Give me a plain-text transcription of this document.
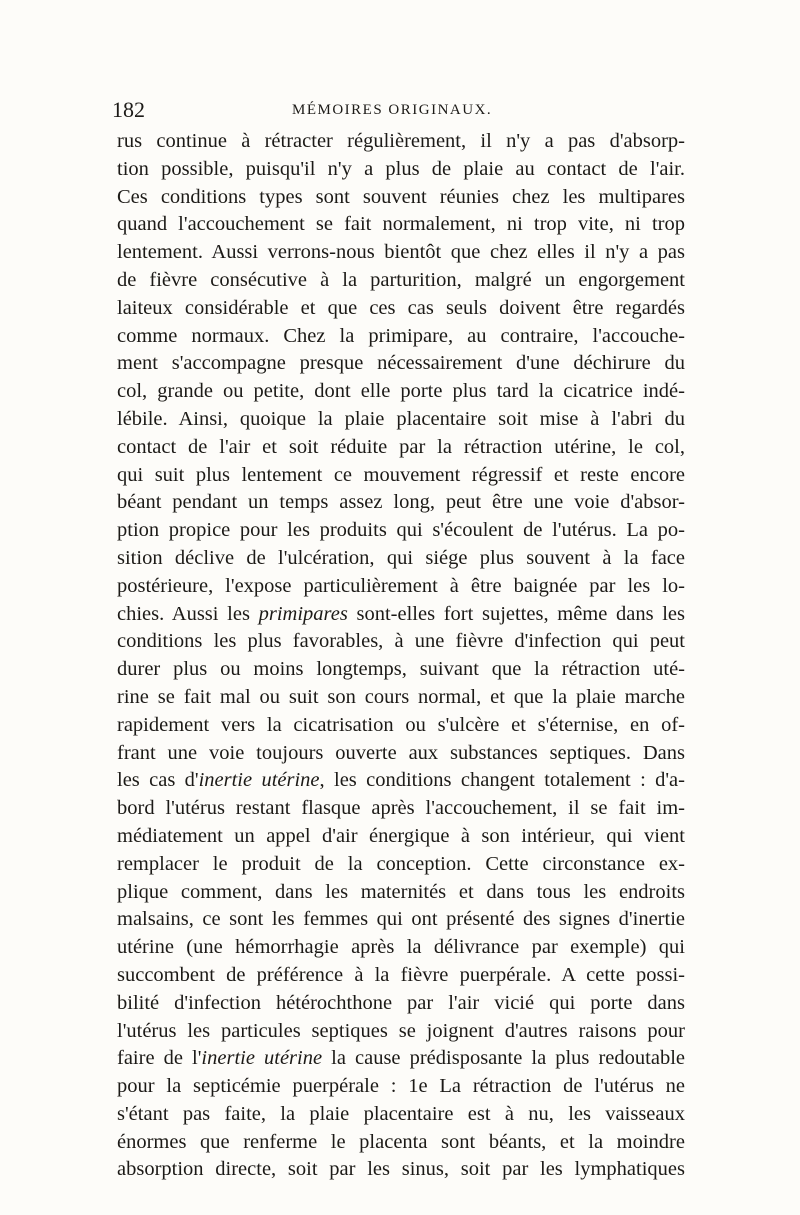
182	MÉMOIRES ORIGINAUX.
rus continue à rétracter régulièrement, il n'y a pas d'absorp-
tion possible, puisqu'il n'y a plus de plaie au contact de l'air.
Ces conditions types sont souvent réunies chez les multipares
quand l'accouchement se fait normalement, ni trop vite, ni trop
lentement. Aussi verrons-nous bientôt que chez elles il n'y a pas
de fièvre consécutive à la parturition, malgré un engorgement
laiteux considérable et que ces cas seuls doivent être regardés
comme normaux. Chez la primipare, au contraire, l'accouche-
ment s'accompagne presque nécessairement d'une déchirure du
col, grande ou petite, dont elle porte plus tard la cicatrice indé-
lébile. Ainsi, quoique la plaie placentaire soit mise à l'abri du
contact de l'air et soit réduite par la rétraction utérine, le col,
qui suit plus lentement ce mouvement régressif et reste encore
béant pendant un temps assez long, peut être une voie d'absor-
ption propice pour les produits qui s'écoulent de l'utérus. La po-
sition déclive de l'ulcération, qui siége plus souvent à la face
postérieure, l'expose particulièrement à être baignée par les lo-
chies. Aussi les primipares sont-elles fort sujettes, même dans les
conditions les plus favorables, à une fièvre d'infection qui peut
durer plus ou moins longtemps, suivant que la rétraction uté-
rine se fait mal ou suit son cours normal, et que la plaie marche
rapidement vers la cicatrisation ou s'ulcère et s'éternise, en of-
frant une voie toujours ouverte aux substances septiques. Dans
les cas d'inertie utérine, les conditions changent totalement : d'a-
bord l'utérus restant flasque après l'accouchement, il se fait im-
médiatement un appel d'air énergique à son intérieur, qui vient
remplacer le produit de la conception. Cette circonstance ex-
plique comment, dans les maternités et dans tous les endroits
malsains, ce sont les femmes qui ont présenté des signes d'inertie
utérine (une hémorrhagie après la délivrance par exemple) qui
succombent de préférence à la fièvre puerpérale. A cette possi-
bilité d'infection hétérochthone par l'air vicié qui porte dans
l'utérus les particules septiques se joignent d'autres raisons pour
faire de l'inertie utérine la cause prédisposante la plus redoutable
pour la septicémie puerpérale : 1e La rétraction de l'utérus ne
s'étant pas faite, la plaie placentaire est à nu, les vaisseaux
énormes que renferme le placenta sont béants, et la moindre
absorption directe, soit par les sinus, soit par les lymphatiques
